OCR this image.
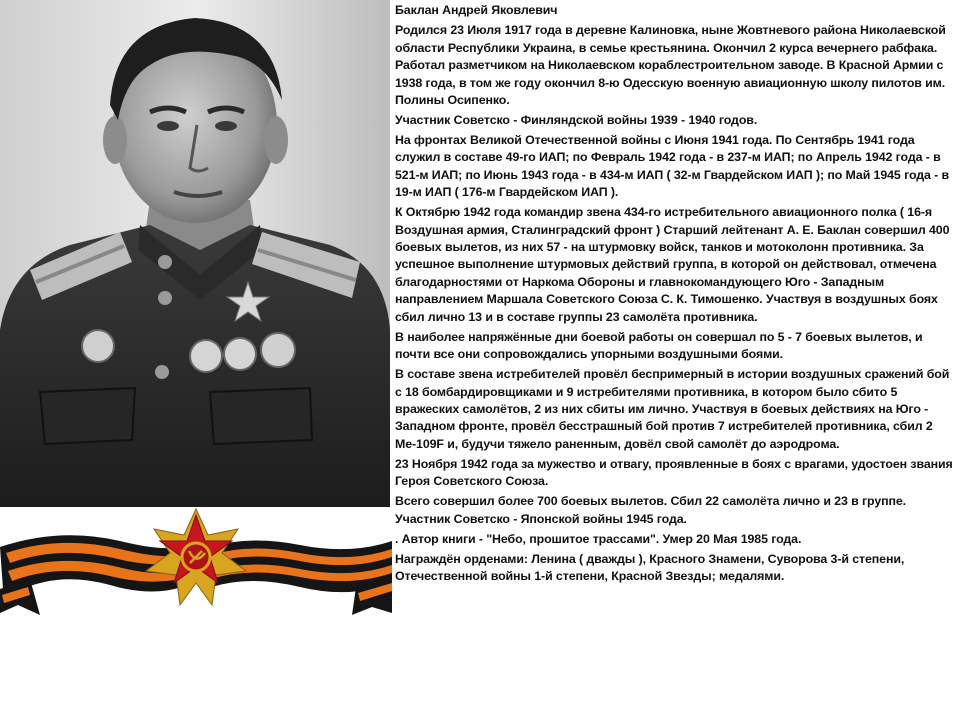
Баклан Андрей Яковлевич

Родился 23 Июля 1917 года в деревне Калиновка, ныне Жовтневого района Николаевской области Республики Украина, в семье крестьянина. Окончил 2 курса вечернего рабфака. Работал разметчиком на Николаевском кораблестроительном заводе. В Красной Армии с 1938 года, в том же году окончил 8-ю Одесскую военную авиационную школу пилотов им. Полины Осипенко.

Участник Советско - Финляндской войны 1939 - 1940 годов.

На фронтах Великой Отечественной войны с Июня 1941 года. По Сентябрь 1941 года служил в составе 49-го ИАП; по Февраль 1942 года - в 237-м ИАП; по Апрель 1942 года - в 521-м ИАП; по Июнь 1943 года - в 434-м ИАП ( 32-м Гвардейском ИАП ); по Май 1945 года - в 19-м ИАП ( 176-м Гвардейском ИАП ).

К Октябрю 1942 года командир звена 434-го истребительного авиационного полка ( 16-я Воздушная армия, Сталинградский фронт ) Старший лейтенант А. Е. Баклан совершил 400 боевых вылетов, из них 57 - на штурмовку войск, танков и мотоколонн противника. За успешное выполнение штурмовых действий группа, в которой он действовал, отмечена благодарностями от Наркома Обороны и главнокомандующего Юго - Западным направлением Маршала Советского Союза С. К. Тимошенко. Участвуя в воздушных боях сбил лично 13 и в составе группы 23 самолёта противника.

В наиболее напряжённые дни боевой работы он совершал по 5 - 7 боевых вылетов, и почти все они сопровождались упорными воздушными боями.

В составе звена истребителей провёл беспримерный в истории воздушных сражений бой с 18 бомбардировщиками и 9 истребителями противника, в котором было сбито 5 вражеских самолётов, 2 из них сбиты им лично. Участвуя в боевых действиях на Юго - Западном фронте, провёл бесстрашный бой против 7 истребителей противника, сбил 2 Ме-109F и, будучи тяжело раненным, довёл свой самолёт до аэродрома.

23 Ноября 1942 года за мужество и отвагу, проявленные в боях с врагами, удостоен звания Героя Советского Союза.

Всего совершил более 700 боевых вылетов. Сбил 22 самолёта лично и 23 в группе. Участник Советско - Японской войны 1945 года.

. Автор книги - "Небо, прошитое трассами". Умер 20 Мая 1985 года.

Награждён орденами: Ленина ( дважды ), Красного Знамени, Суворова 3-й степени, Отечественной войны 1-й степени, Красной Звезды; медалями.
